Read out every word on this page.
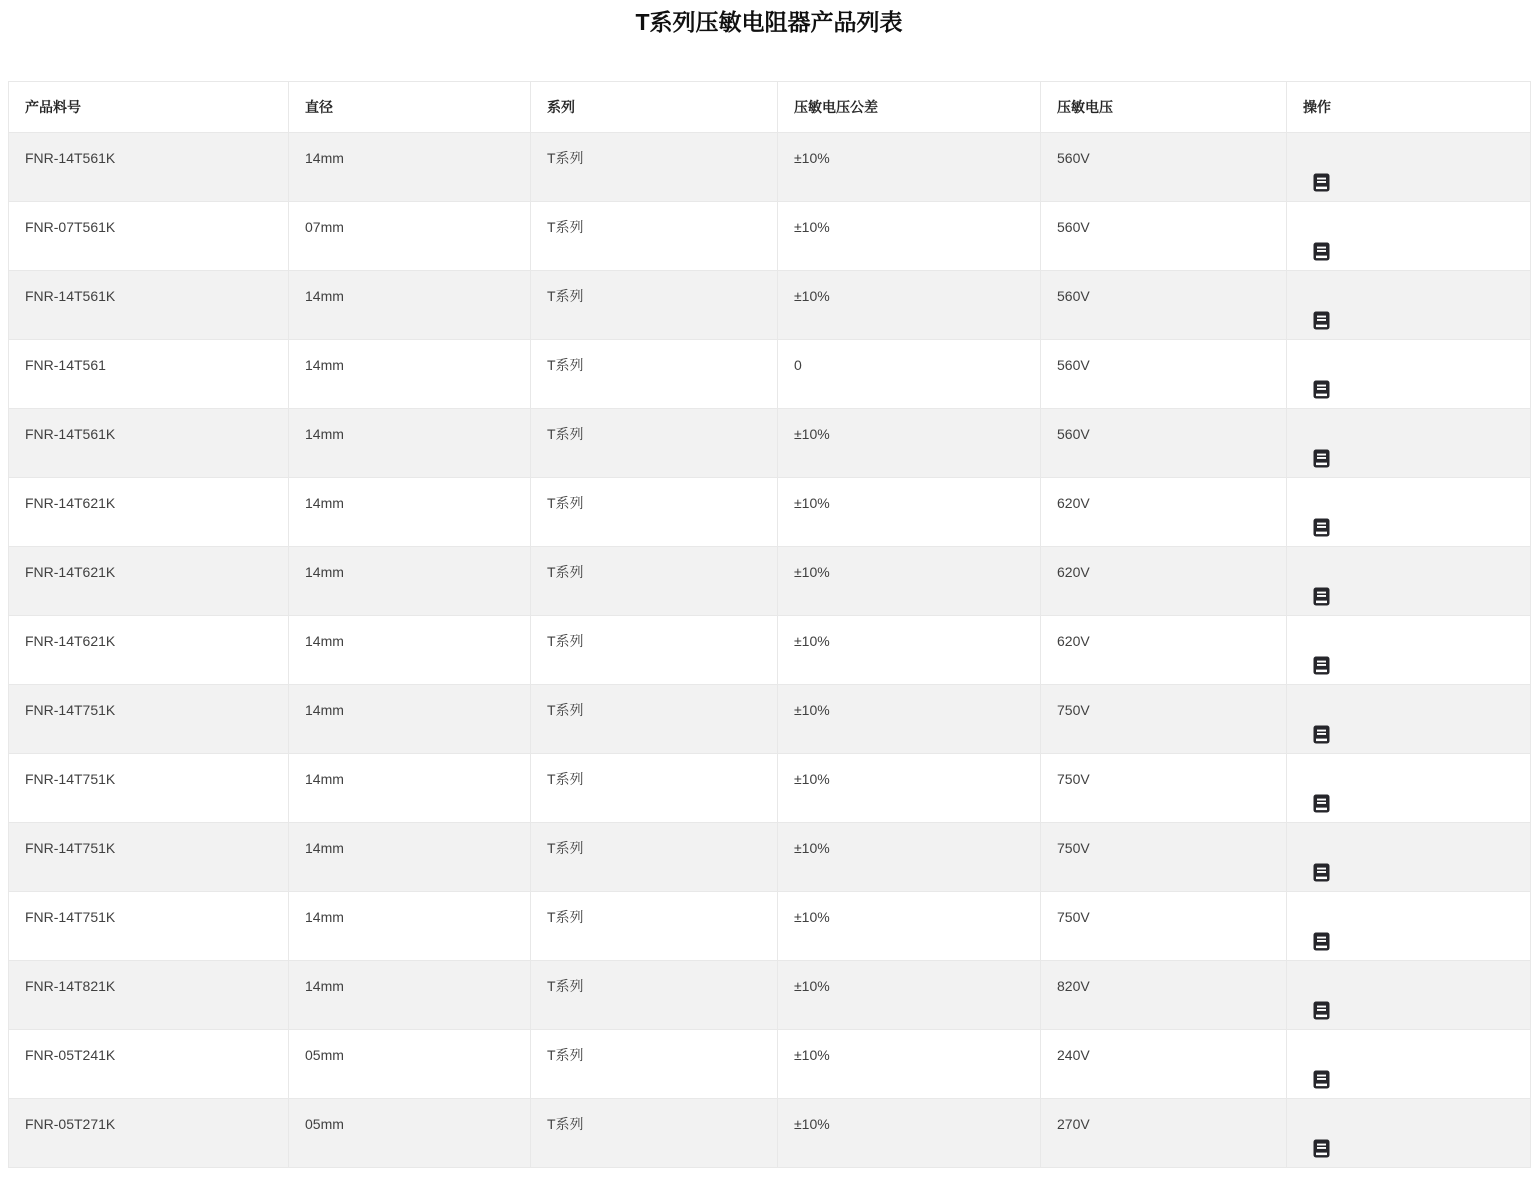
T系列压敏电阻器产品列表
产品料号	直径	系列	压敏电压公差	压敏电压	操作
FNR-14T561K	14mm	T系列	±10%	560V	

FNR-07T561K	07mm	T系列	±10%	560V	

FNR-14T561K	14mm	T系列	±10%	560V	

FNR-14T561	14mm	T系列	0	560V	

FNR-14T561K	14mm	T系列	±10%	560V	

FNR-14T621K	14mm	T系列	±10%	620V	

FNR-14T621K	14mm	T系列	±10%	620V	

FNR-14T621K	14mm	T系列	±10%	620V	

FNR-14T751K	14mm	T系列	±10%	750V	

FNR-14T751K	14mm	T系列	±10%	750V	

FNR-14T751K	14mm	T系列	±10%	750V	

FNR-14T751K	14mm	T系列	±10%	750V	

FNR-14T821K	14mm	T系列	±10%	820V	

FNR-05T241K	05mm	T系列	±10%	240V	

FNR-05T271K	05mm	T系列	±10%	270V	
